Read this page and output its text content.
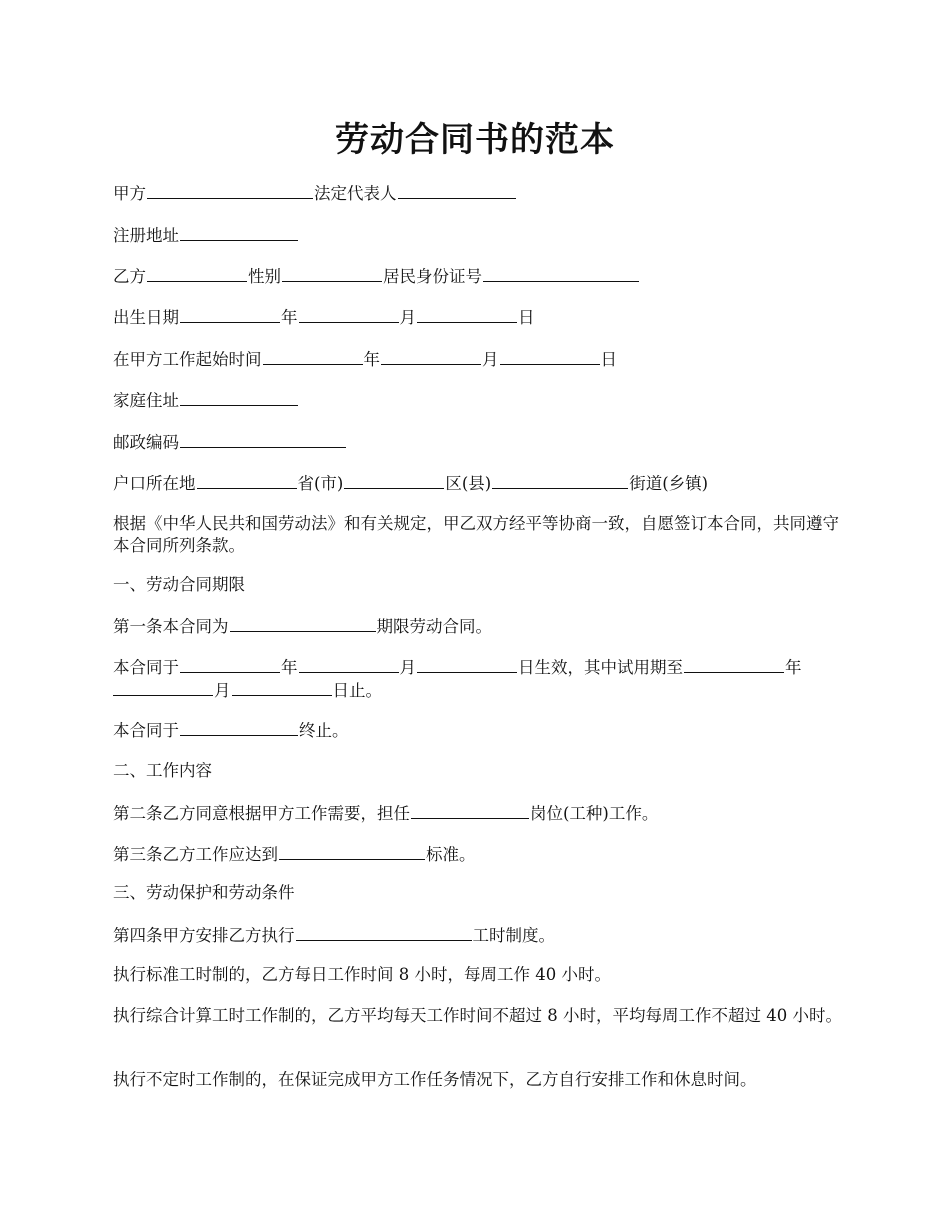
劳动合同书的范本
甲方	法定代表人
注册地址
乙方	性别	居民身份证号
出生日期	年	月	日
在甲方工作起始时间	年	月	日
家庭住址
邮政编码
户口所在地	省(市)	区(县)	街道(乡镇)
根据《中华人民共和国劳动法》和有关规定，甲乙双方经平等协商一致，自愿签订本合同，共同遵守本合同所列条款。
一、劳动合同期限
第一条本合同为	期限劳动合同。
本合同于	年	月	日生效，其中试用期至	年
月	日止。
本合同于	终止。
二、工作内容
第二条乙方同意根据甲方工作需要，担任	岗位(工种)工作。
第三条乙方工作应达到	标准。
三、劳动保护和劳动条件
第四条甲方安排乙方执行	工时制度。
执行标准工时制的，乙方每日工作时间 8 小时，每周工作 40 小时。
执行综合计算工时工作制的，乙方平均每天工作时间不超过 8 小时，平均每周工作不超过 40 小时。
执行不定时工作制的，在保证完成甲方工作任务情况下，乙方自行安排工作和休息时间。
